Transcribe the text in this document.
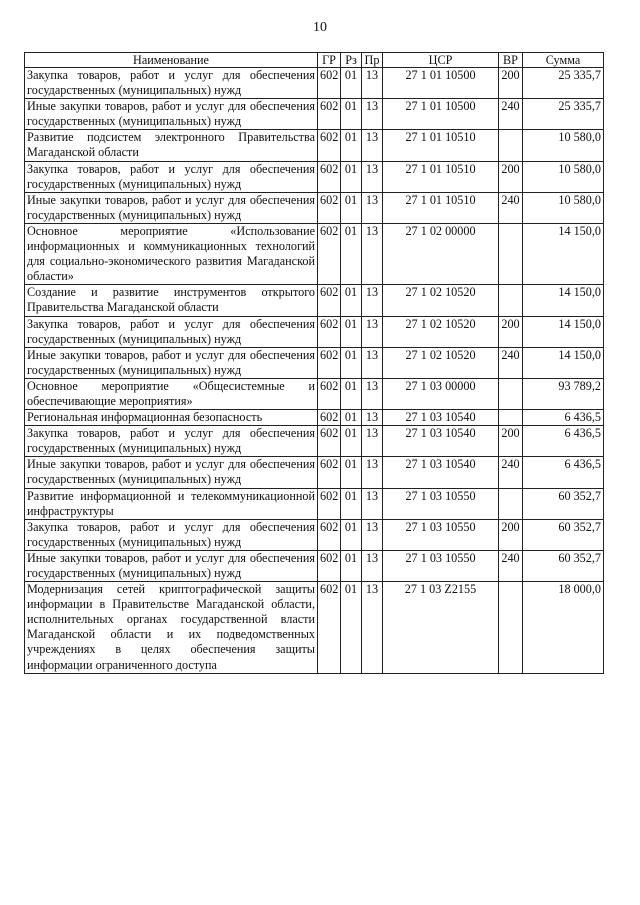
10
Наименование	ГР	Рз	Пр	ЦСР	ВР	Сумма
Закупка товаров, работ и услуг для обеспечения государственных (муниципальных) нужд	602	01	13	27 1 01 10500	200	25 335,7
Иные закупки товаров, работ и услуг для обеспечения государственных (муниципальных) нужд	602	01	13	27 1 01 10500	240	25 335,7
Развитие подсистем электронного Правительства Магаданской области	602	01	13	27 1 01 10510		10 580,0
Закупка товаров, работ и услуг для обеспечения государственных (муниципальных) нужд	602	01	13	27 1 01 10510	200	10 580,0
Иные закупки товаров, работ и услуг для обеспечения государственных (муниципальных) нужд	602	01	13	27 1 01 10510	240	10 580,0
Основное мероприятие «Использование информационных и коммуникационных технологий для социально-экономического развития Магаданской области»	602	01	13	27 1 02 00000		14 150,0
Создание и развитие инструментов открытого Правительства Магаданской области	602	01	13	27 1 02 10520		14 150,0
Закупка товаров, работ и услуг для обеспечения государственных (муниципальных) нужд	602	01	13	27 1 02 10520	200	14 150,0
Иные закупки товаров, работ и услуг для обеспечения государственных (муниципальных) нужд	602	01	13	27 1 02 10520	240	14 150,0
Основное мероприятие «Общесистемные и обеспечивающие мероприятия»	602	01	13	27 1 03 00000		93 789,2
Региональная информационная безопасность	602	01	13	27 1 03 10540		6 436,5
Закупка товаров, работ и услуг для обеспечения государственных (муниципальных) нужд	602	01	13	27 1 03 10540	200	6 436,5
Иные закупки товаров, работ и услуг для обеспечения государственных (муниципальных) нужд	602	01	13	27 1 03 10540	240	6 436,5
Развитие информационной и телекоммуникационной инфраструктуры	602	01	13	27 1 03 10550		60 352,7
Закупка товаров, работ и услуг для обеспечения государственных (муниципальных) нужд	602	01	13	27 1 03 10550	200	60 352,7
Иные закупки товаров, работ и услуг для обеспечения государственных (муниципальных) нужд	602	01	13	27 1 03 10550	240	60 352,7
Модернизация сетей криптографической защиты информации в Правительстве Магаданской области, исполнительных органах государственной власти Магаданской области и их подведомственных учреждениях в целях обеспечения защиты информации ограниченного доступа	602	01	13	27 1 03 Z2155		18 000,0
